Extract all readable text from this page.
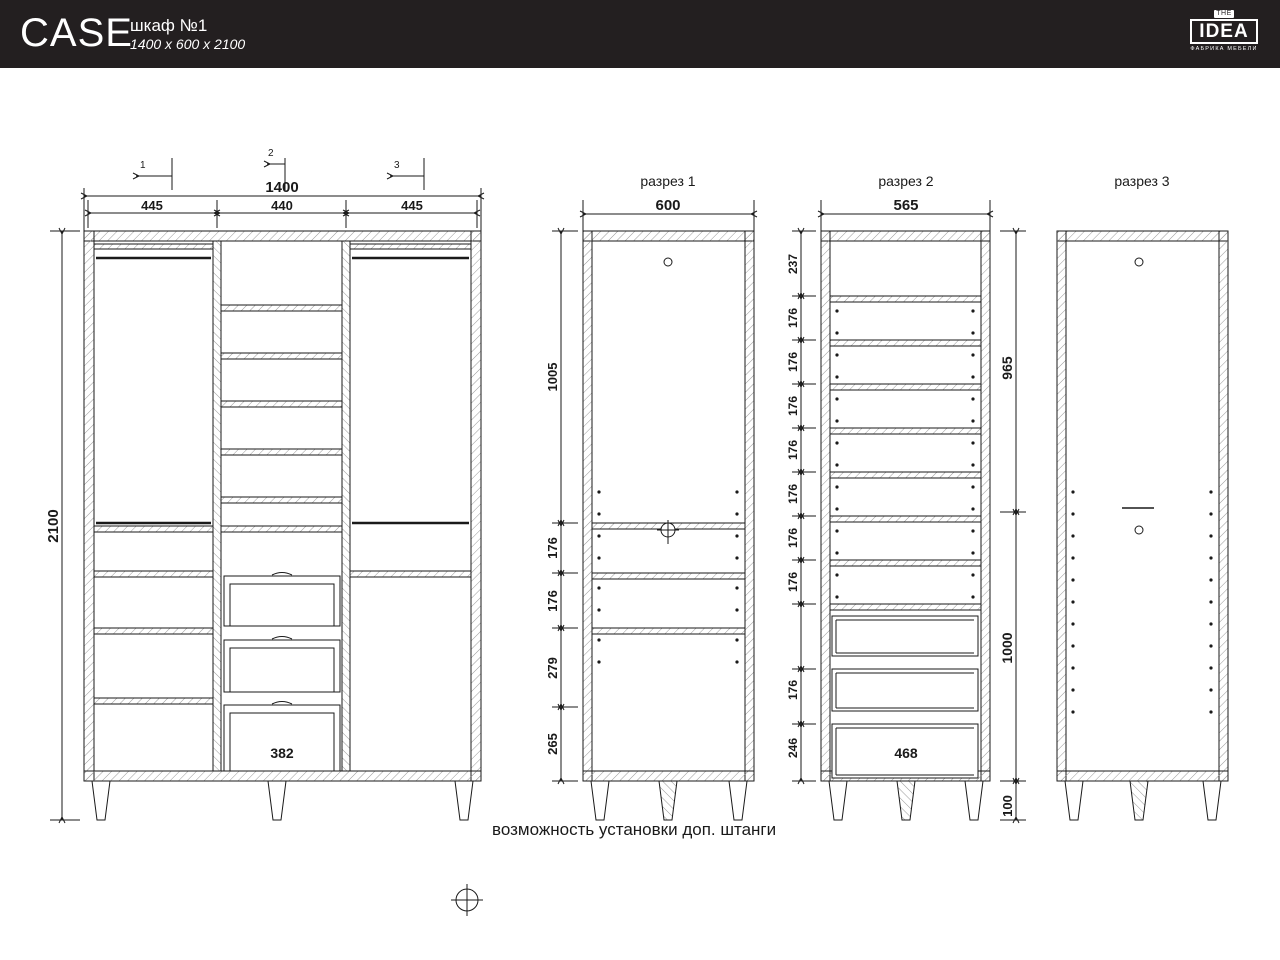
CASE
шкаф №1
1400 x 600 x 2100
THE
IDEA
ФАБРИКА МЕБЕЛИ
1
2
3
1400
445	440	445
382
2100
разрез 1
600
1005
176
176
279
265
разрез 2
565
468
237
176
176
176
176
176
176
176
176
246
разрез 3
965
1000
100
возможность установки доп. штанги
